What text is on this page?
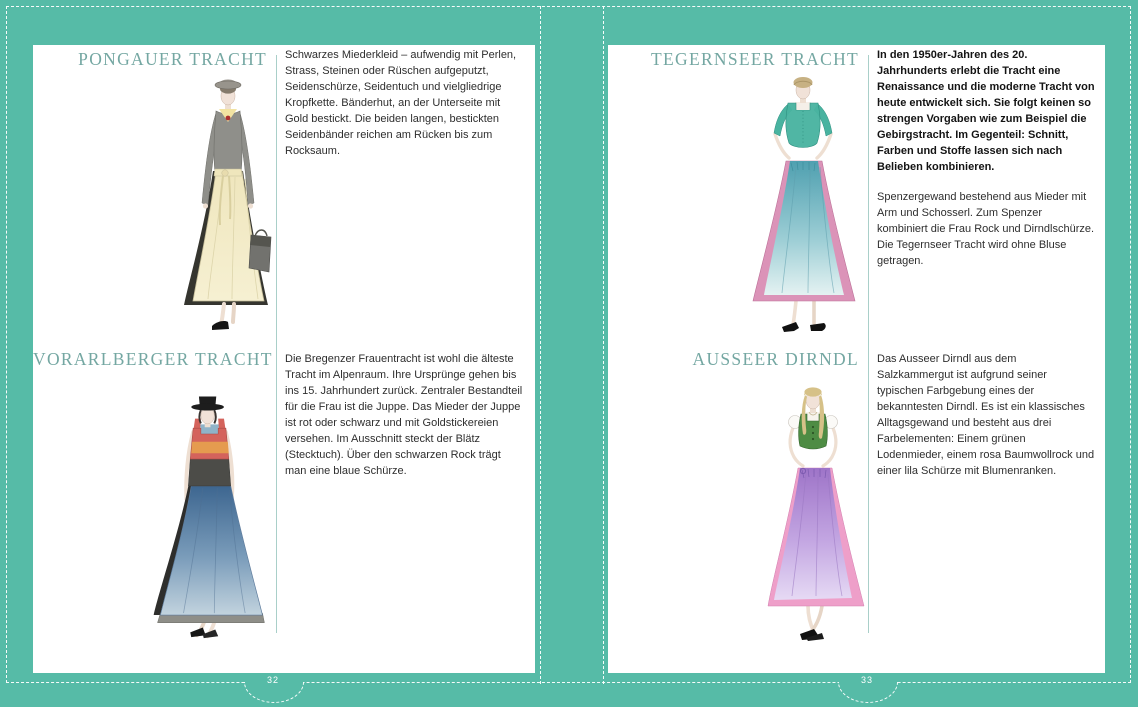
PONGAUER TRACHT Schwarzes Miederkleid – aufwendig mit Perlen, Strass, Steinen oder Rüschen aufgeputzt, Seidenschürze, Seidentuch und vielgliedrige Kropfkette. Bänderhut, an der Unterseite mit Gold bestickt. Die beiden langen, bestickten Seidenbänder reichen am Rücken bis zum Rocksaum.

VORARLBERGER TRACHT Die Bregenzer Frauentracht ist wohl die älteste Tracht im Alpenraum. Ihre Ursprünge gehen bis ins 15. Jahrhundert zurück. Zentraler Bestandteil für die Frau ist die Juppe. Das Mieder der Juppe ist rot oder schwarz und mit Goldstickereien versehen. Im Ausschnitt steckt der Blätz (Stecktuch). Über den schwarzen Rock trägt man eine blaue Schürze.

TEGERNSEER TRACHT In den 1950er-Jahren des 20. Jahrhunderts erlebt die Tracht eine Renaissance und die moderne Tracht von heute entwickelt sich. Sie folgt keinen so strengen Vorgaben wie zum Beispiel die Gebirgstracht. Im Gegenteil: Schnitt, Farben und Stoffe lassen sich nach Belieben kombinieren.

Spenzergewand bestehend aus Mieder mit Arm und Schosserl. Zum Spenzer kombiniert die Frau Rock und Dirndlschürze. Die Tegernseer Tracht wird ohne Bluse getragen.

AUSSEER DIRNDL Das Ausseer Dirndl aus dem Salzkammergut ist aufgrund seiner typischen Farbgebung eines der bekanntesten Dirndl. Es ist ein klassisches Alltagsgewand und besteht aus drei Farbelementen: Einem grünen Lodenmieder, einem rosa Baumwollrock und einer lila Schürze mit Blumenranken.

32	33
